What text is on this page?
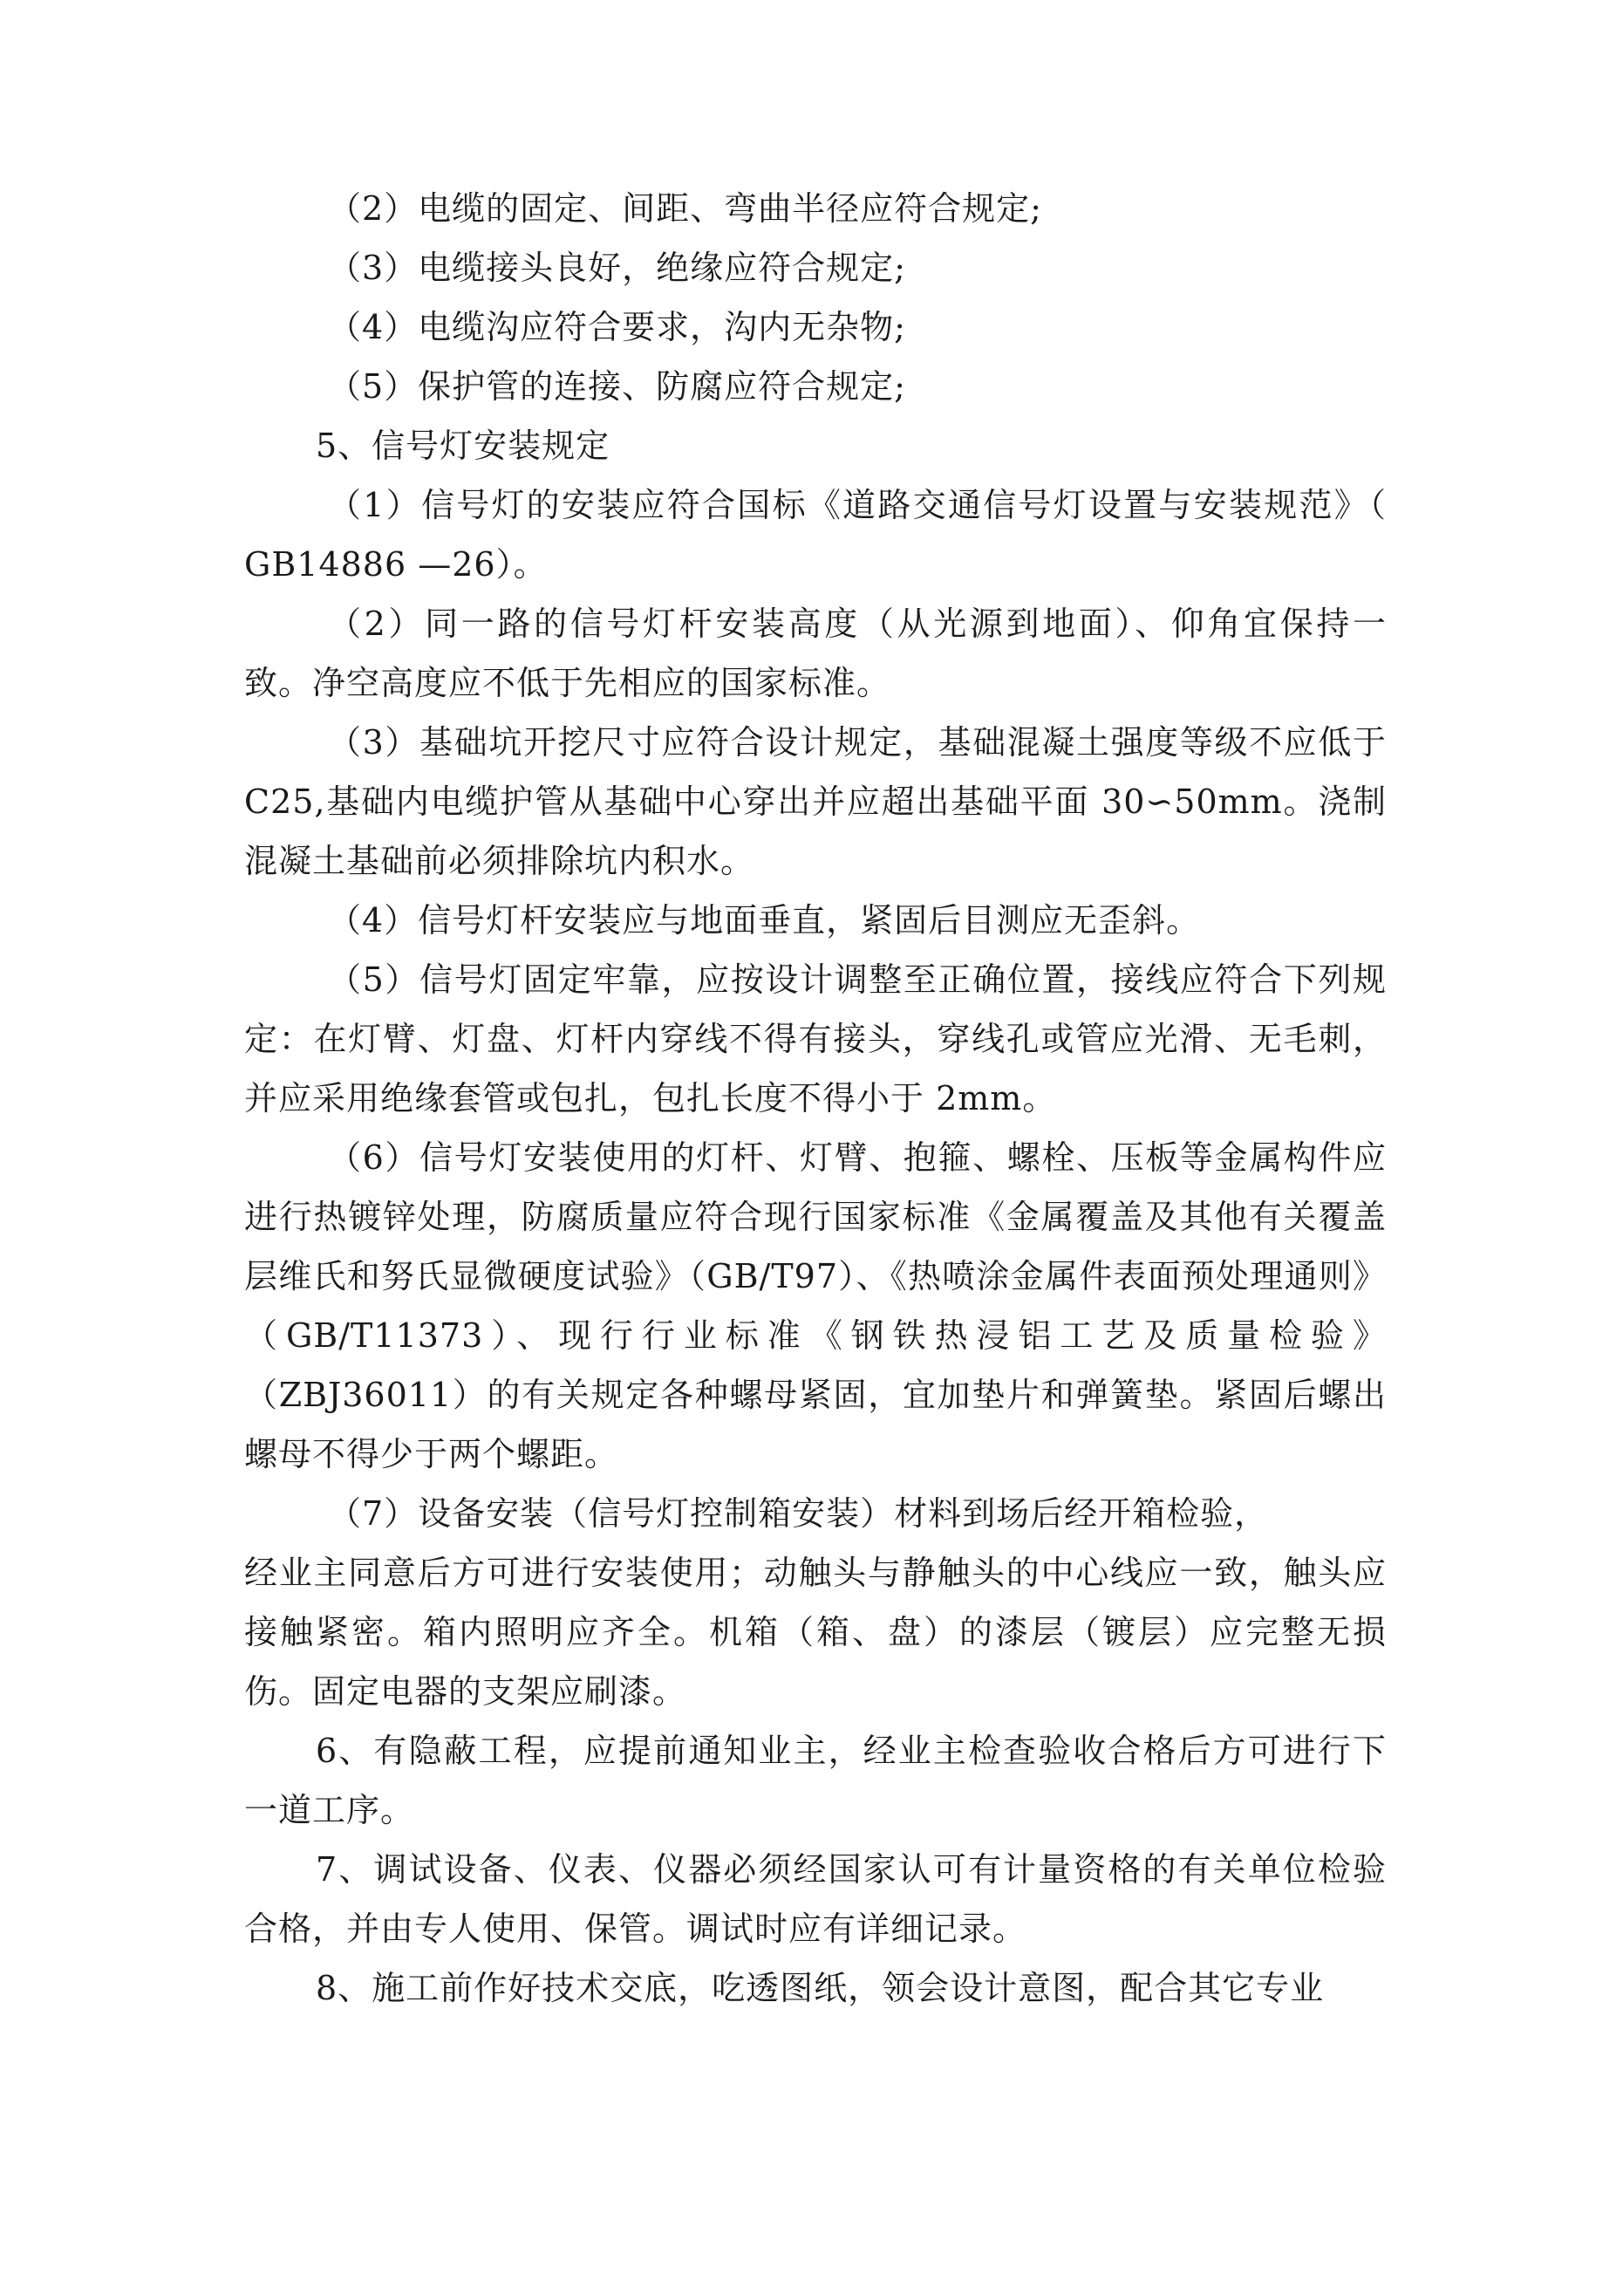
（2）电缆的固定、间距、弯曲半径应符合规定;

（3）电缆接头良好，绝缘应符合规定;

（4）电缆沟应符合要求，沟内无杂物;

（5）保护管的连接、防腐应符合规定;

5、信号灯安装规定

（1）信号灯的安装应符合国标《道路交通信号灯设置与安装规范》（ GB14886 —26）。

（2）同一路的信号灯杆安装高度（从光源到地面）、仰角宜保持一致。净空高度应不低于先相应的国家标准。

（3）基础坑开挖尺寸应符合设计规定，基础混凝土强度等级不应低于 C25,基础内电缆护管从基础中心穿出并应超出基础平面 30∽50mm。浇制混凝土基础前必须排除坑内积水。

（4）信号灯杆安装应与地面垂直，紧固后目测应无歪斜。

（5）信号灯固定牢靠，应按设计调整至正确位置，接线应符合下列规定：在灯臂、灯盘、灯杆内穿线不得有接头，穿线孔或管应光滑、无毛刺，并应采用绝缘套管或包扎，包扎长度不得小于 2mm。

（6）信号灯安装使用的灯杆、灯臂、抱箍、螺栓、压板等金属构件应进行热镀锌处理，防腐质量应符合现行国家标准《金属覆盖及其他有关覆盖层维氏和努氏显微硬度试验》（GB/T97）、《热喷涂金属件表面预处理通则》（GB/T11373）、现行行业标准《钢铁热浸铝工艺及质量检验》（ZBJ36011）的有关规定各种螺母紧固，宜加垫片和弹簧垫。紧固后螺出螺母不得少于两个螺距。

（7）设备安装（信号灯控制箱安装）材料到场后经开箱检验，

经业主同意后方可进行安装使用；动触头与静触头的中心线应一致，触头应接触紧密。箱内照明应齐全。机箱（箱、盘）的漆层（镀层）应完整无损伤。固定电器的支架应刷漆。

6、有隐蔽工程，应提前通知业主，经业主检查验收合格后方可进行下一道工序。

7、调试设备、仪表、仪器必须经国家认可有计量资格的有关单位检验合格，并由专人使用、保管。调试时应有详细记录。

8、施工前作好技术交底，吃透图纸，领会设计意图，配合其它专业
